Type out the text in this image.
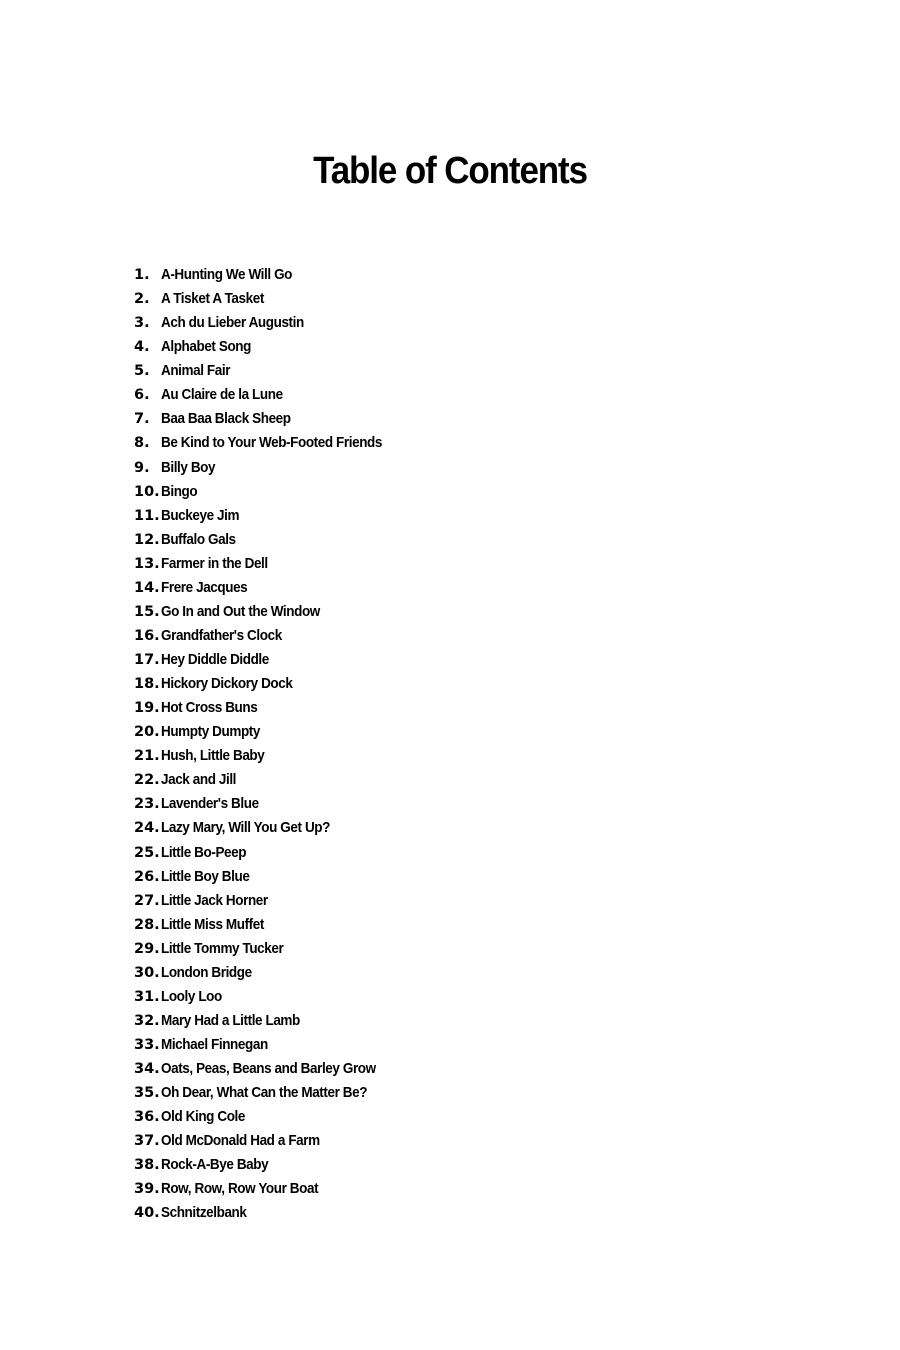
Table of Contents
1. A-Hunting We Will Go
2. A Tisket A Tasket
3. Ach du Lieber Augustin
4. Alphabet Song
5. Animal Fair
6. Au Claire de la Lune
7. Baa Baa Black Sheep
8. Be Kind to Your Web-Footed Friends
9. Billy Boy
10.Bingo
11.Buckeye Jim
12.Buffalo Gals
13.Farmer in the Dell
14.Frere Jacques
15.Go In and Out the Window
16.Grandfather's Clock
17.Hey Diddle Diddle
18.Hickory Dickory Dock
19.Hot Cross Buns
20.Humpty Dumpty
21.Hush, Little Baby
22.Jack and Jill
23.Lavender's Blue
24.Lazy Mary, Will You Get Up?
25.Little Bo-Peep
26.Little Boy Blue
27.Little Jack Horner
28.Little Miss Muffet
29.Little Tommy Tucker
30.London Bridge
31.Looly Loo
32.Mary Had a Little Lamb
33.Michael Finnegan
34.Oats, Peas, Beans and Barley Grow
35.Oh Dear, What Can the Matter Be?
36.Old King Cole
37.Old McDonald Had a Farm
38.Rock-A-Bye Baby
39.Row, Row, Row Your Boat
40.Schnitzelbank
